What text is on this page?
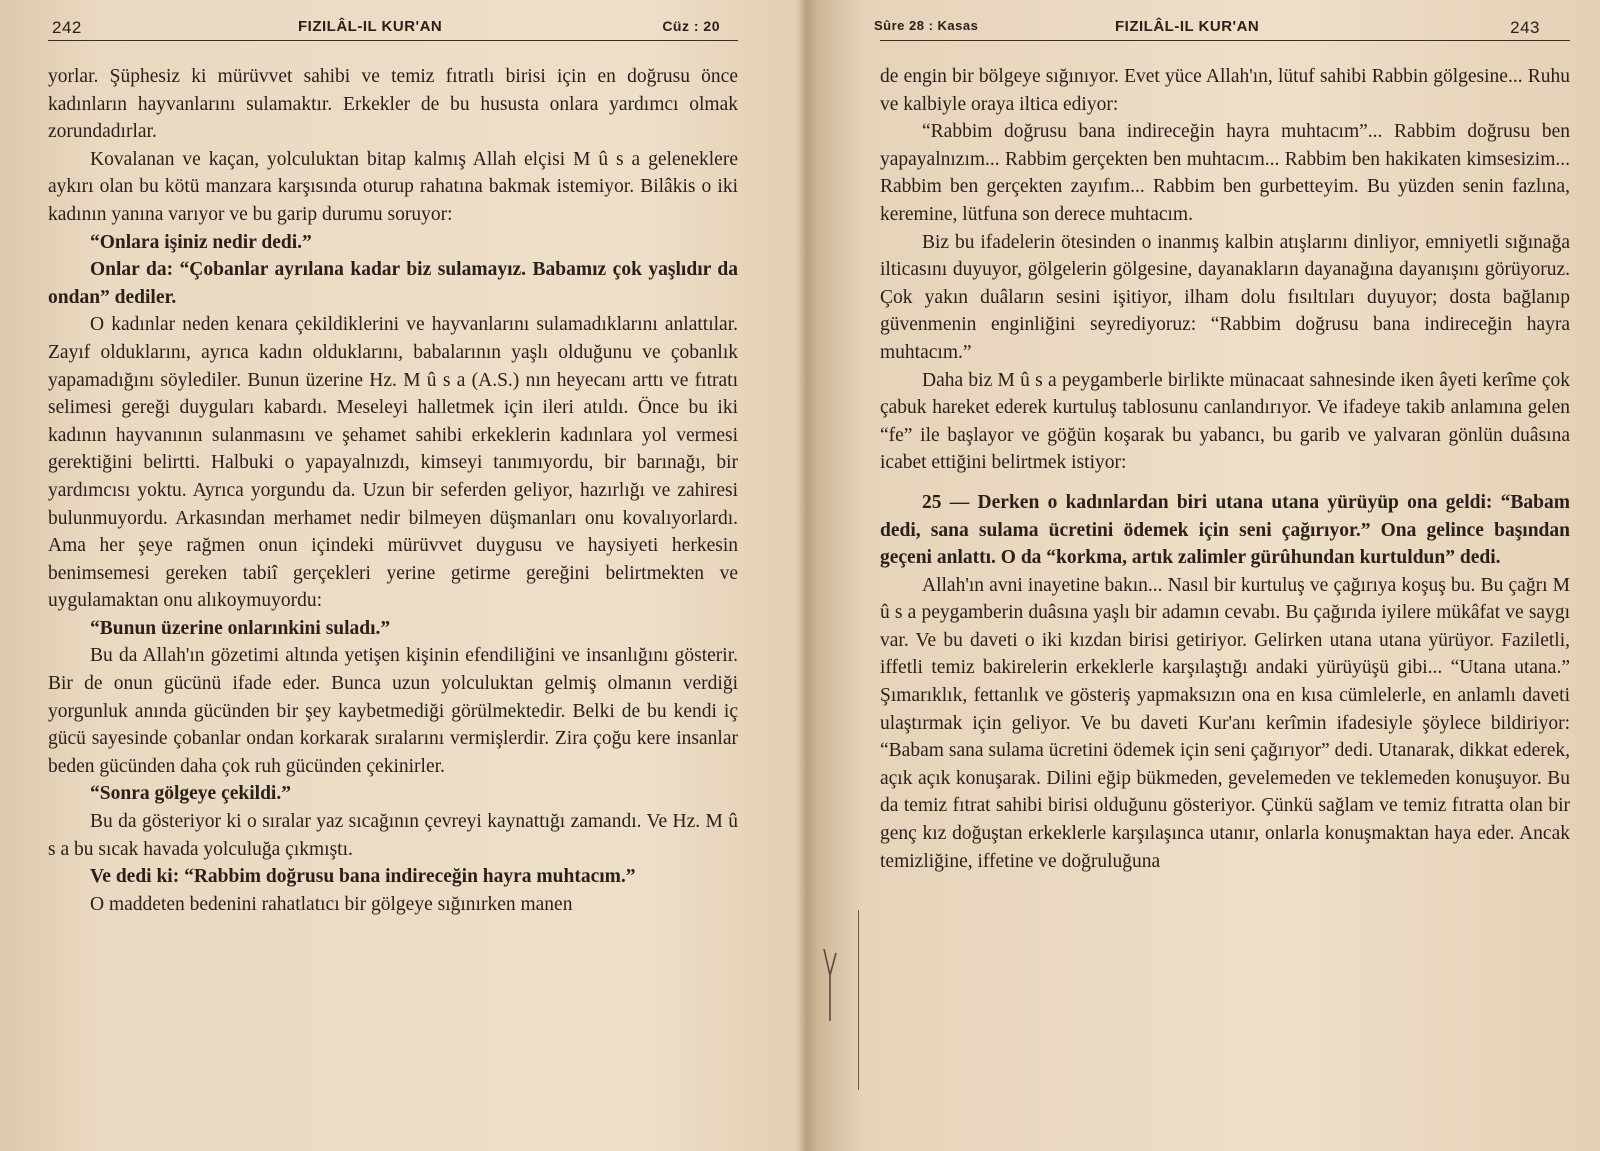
242	FIZILÂL-IL KUR'AN	Cüz : 20

yorlar. Şüphesiz ki mürüvvet sahibi ve temiz fıtratlı birisi için en doğrusu önce kadınların hayvanlarını sulamaktır. Erkekler de bu hususta onlara yardımcı olmak zorundadırlar.

Kovalanan ve kaçan, yolculuktan bitap kalmış Allah elçisi M û s a geleneklere aykırı olan bu kötü manzara karşısında oturup rahatına bakmak istemiyor. Bilâkis o iki kadının yanına varıyor ve bu garip durumu soruyor:

“Onlara işiniz nedir dedi.”

Onlar da: “Çobanlar ayrılana kadar biz sulamayız. Babamız çok yaşlıdır da ondan” dediler.

O kadınlar neden kenara çekildiklerini ve hayvanlarını sulamadıklarını anlattılar. Zayıf olduklarını, ayrıca kadın olduklarını, babalarının yaşlı olduğunu ve çobanlık yapamadığını söylediler. Bunun üzerine Hz. M û s a (A.S.) nın heyecanı arttı ve fıtratı selimesi gereği duyguları kabardı. Meseleyi halletmek için ileri atıldı. Önce bu iki kadının hayvanının sulanmasını ve şehamet sahibi erkeklerin kadınlara yol vermesi gerektiğini belirtti. Halbuki o yapayalnızdı, kimseyi tanımıyordu, bir barınağı, bir yardımcısı yoktu. Ayrıca yorgundu da. Uzun bir seferden geliyor, hazırlığı ve zahiresi bulunmuyordu. Arkasından merhamet nedir bilmeyen düşmanları onu kovalıyorlardı. Ama her şeye rağmen onun içindeki mürüvvet duygusu ve haysiyeti herkesin benimsemesi gereken tabiî gerçekleri yerine getirme gereğini belirtmekten ve uygulamaktan onu alıkoymuyordu:

“Bunun üzerine onlarınkini suladı.”

Bu da Allah'ın gözetimi altında yetişen kişinin efendiliğini ve insanlığını gösterir. Bir de onun gücünü ifade eder. Bunca uzun yolculuktan gelmiş olmanın verdiği yorgunluk anında gücünden bir şey kaybetmediği görülmektedir. Belki de bu kendi iç gücü sayesinde çobanlar ondan korkarak sıralarını vermişlerdir. Zira çoğu kere insanlar beden gücünden daha çok ruh gücünden çekinirler.

“Sonra gölgeye çekildi.”

Bu da gösteriyor ki o sıralar yaz sıcağının çevreyi kaynattığı zamandı. Ve Hz. M û s a bu sıcak havada yolculuğa çıkmıştı.

Ve dedi ki: “Rabbim doğrusu bana indireceğin hayra muhtacım.”

O maddeten bedenini rahatlatıcı bir gölgeye sığınırken manen

Sûre 28 : Kasas	FIZILÂL-IL KUR'AN	243

de engin bir bölgeye sığınıyor. Evet yüce Allah'ın, lütuf sahibi Rabbin gölgesine... Ruhu ve kalbiyle oraya iltica ediyor:

“Rabbim doğrusu bana indireceğin hayra muhtacım”... Rabbim doğrusu ben yapayalnızım... Rabbim gerçekten ben muhtacım... Rabbim ben hakikaten kimsesizim... Rabbim ben gerçekten zayıfım... Rabbim ben gurbetteyim. Bu yüzden senin fazlına, keremine, lütfuna son derece muhtacım.

Biz bu ifadelerin ötesinden o inanmış kalbin atışlarını dinliyor, emniyetli sığınağa ilticasını duyuyor, gölgelerin gölgesine, dayanakların dayanağına dayanışını görüyoruz. Çok yakın duâların sesini işitiyor, ilham dolu fısıltıları duyuyor; dosta bağlanıp güvenmenin enginliğini seyrediyoruz: “Rabbim doğrusu bana indireceğin hayra muhtacım.”

Daha biz M û s a peygamberle birlikte münacaat sahnesinde iken âyeti kerîme çok çabuk hareket ederek kurtuluş tablosunu canlandırıyor. Ve ifadeye takib anlamına gelen “fe” ile başlayor ve göğün koşarak bu yabancı, bu garib ve yalvaran gönlün duâsına icabet ettiğini belirtmek istiyor:

25 — Derken o kadınlardan biri utana utana yürüyüp ona geldi: “Babam dedi, sana sulama ücretini ödemek için seni çağırıyor.” Ona gelince başından geçeni anlattı. O da “korkma, artık zalimler gürûhundan kurtuldun” dedi.

Allah'ın avni inayetine bakın... Nasıl bir kurtuluş ve çağırıya koşuş bu. Bu çağrı M û s a peygamberin duâsına yaşlı bir adamın cevabı. Bu çağırıda iyilere mükâfat ve saygı var. Ve bu daveti o iki kızdan birisi getiriyor. Gelirken utana utana yürüyor. Faziletli, iffetli temiz bakirelerin erkeklerle karşılaştığı andaki yürüyüşü gibi... “Utana utana.” Şımarıklık, fettanlık ve gösteriş yapmaksızın ona en kısa cümlelerle, en anlamlı daveti ulaştırmak için geliyor. Ve bu daveti Kur'anı kerîmin ifadesiyle şöylece bildiriyor: “Babam sana sulama ücretini ödemek için seni çağırıyor” dedi. Utanarak, dikkat ederek, açık açık konuşarak. Dilini eğip bükmeden, gevelemeden ve teklemeden konuşuyor. Bu da temiz fıtrat sahibi birisi olduğunu gösteriyor. Çünkü sağlam ve temiz fıtratta olan bir genç kız doğuştan erkeklerle karşılaşınca utanır, onlarla konuşmaktan haya eder. Ancak temizliğine, iffetine ve doğruluğuna
